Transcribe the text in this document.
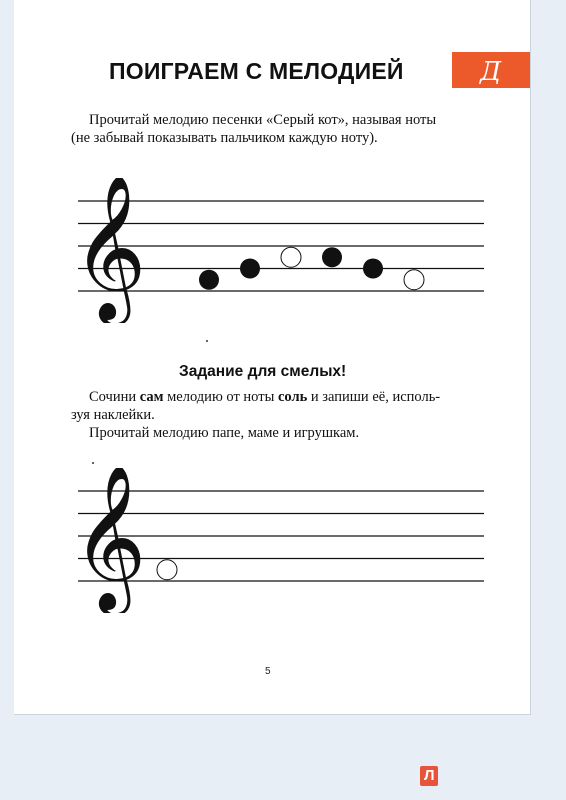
ПОИГРАЕМ С МЕЛОДИЕЙ	Д

Прочитай мелодию песенки «Серый кот», называя ноты

(не забывай показывать пальчиком каждую ноту).

𝄞
Задание для смелых!

Сочини сам мелодию от ноты соль и запиши её, исполь-

зуя наклейки.

Прочитай мелодию папе, маме и игрушкам.

𝄞
5
Л
